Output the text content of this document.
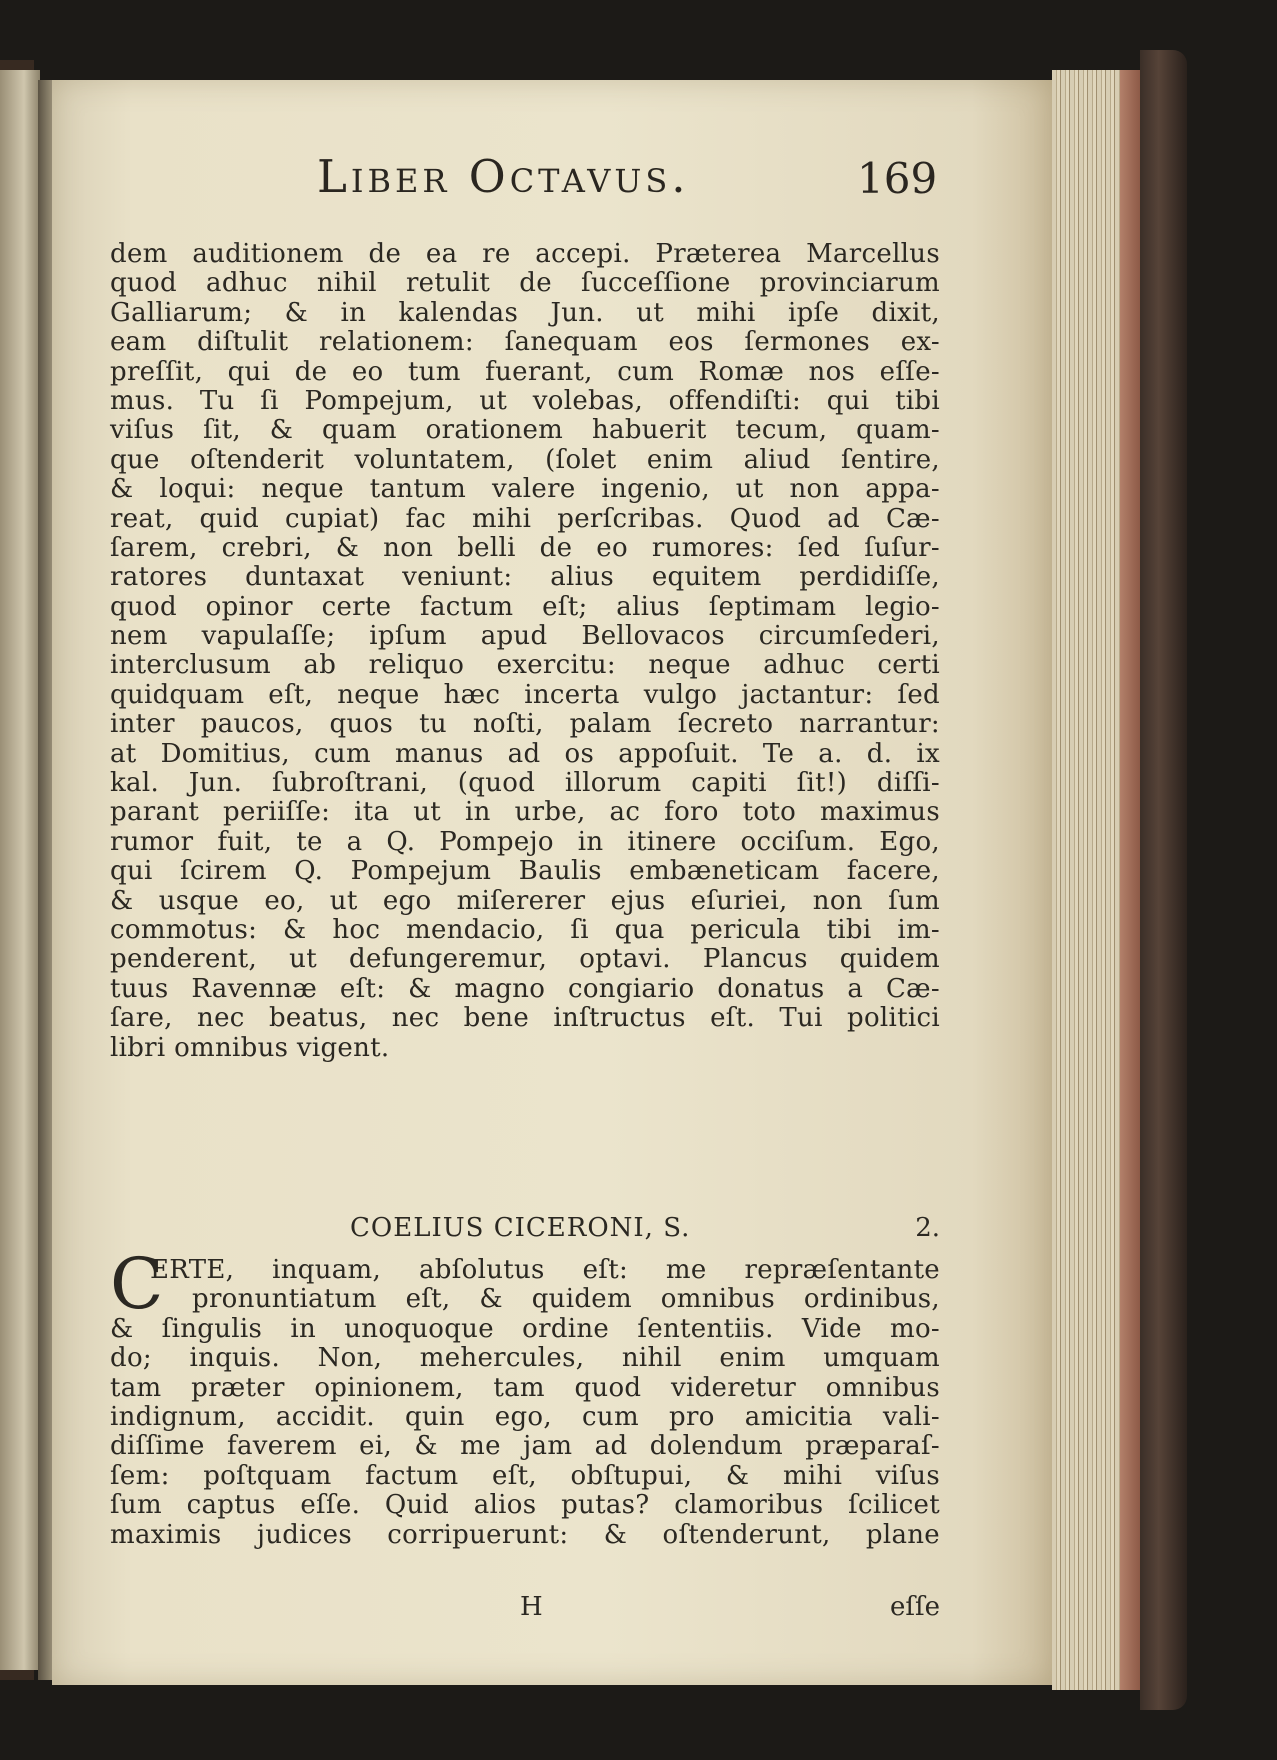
Liber Octavus.	169
dem auditionem de ea re accepi. Præterea Marcellus
quod adhuc nihil retulit de ſucceſſione provinciarum
Galliarum; & in kalendas Jun. ut mihi ipſe dixit,
eam diſtulit relationem: ſanequam eos ſermones ex-
preſſit, qui de eo tum fuerant, cum Romæ nos eſſe-
mus. Tu ſi Pompejum, ut volebas, offendiſti: qui tibi
viſus ſit, & quam orationem habuerit tecum, quam-
que oſtenderit voluntatem, (ſolet enim aliud ſentire,
& loqui: neque tantum valere ingenio, ut non appa-
reat, quid cupiat) fac mihi perſcribas. Quod ad Cæ-
ſarem, crebri, & non belli de eo rumores: ſed ſuſur-
ratores duntaxat veniunt: alius equitem perdidiſſe,
quod opinor certe factum eſt; alius ſeptimam legio-
nem vapulaſſe; ipſum apud Bellovacos circumſederi,
interclusum ab reliquo exercitu: neque adhuc certi
quidquam eſt, neque hæc incerta vulgo jactantur: ſed
inter paucos, quos tu noſti, palam ſecreto narrantur:
at Domitius, cum manus ad os appoſuit. Te a. d. ix
kal. Jun. ſubroſtrani, (quod illorum capiti ſit!) diſſi-
parant periiſſe: ita ut in urbe, ac foro toto maximus
rumor fuit, te a Q. Pompejo in itinere occiſum. Ego,
qui ſcirem Q. Pompejum Baulis embæneticam facere,
& usque eo, ut ego miſererer ejus eſuriei, non ſum
commotus: & hoc mendacio, ſi qua pericula tibi im-
penderent, ut defungeremur, optavi. Plancus quidem
tuus Ravennæ eſt: & magno congiario donatus a Cæ-
ſare, nec beatus, nec bene inſtructus eſt. Tui politici
libri omnibus vigent.
COELIUS CICERONI, S.	2.
C
ERTE, inquam, abſolutus eſt: me repræſentante
pronuntiatum eſt, & quidem omnibus ordinibus,
& ſingulis in unoquoque ordine ſententiis. Vide mo-
do; inquis. Non, mehercules, nihil enim umquam
tam præter opinionem, tam quod videretur omnibus
indignum, accidit. quin ego, cum pro amicitia vali-
diſſime faverem ei, & me jam ad dolendum præparaſ-
ſem: poſtquam factum eſt, obſtupui, & mihi viſus
ſum captus eſſe. Quid alios putas? clamoribus ſcilicet
maximis judices corripuerunt: & oſtenderunt, plane
H	eſſe
